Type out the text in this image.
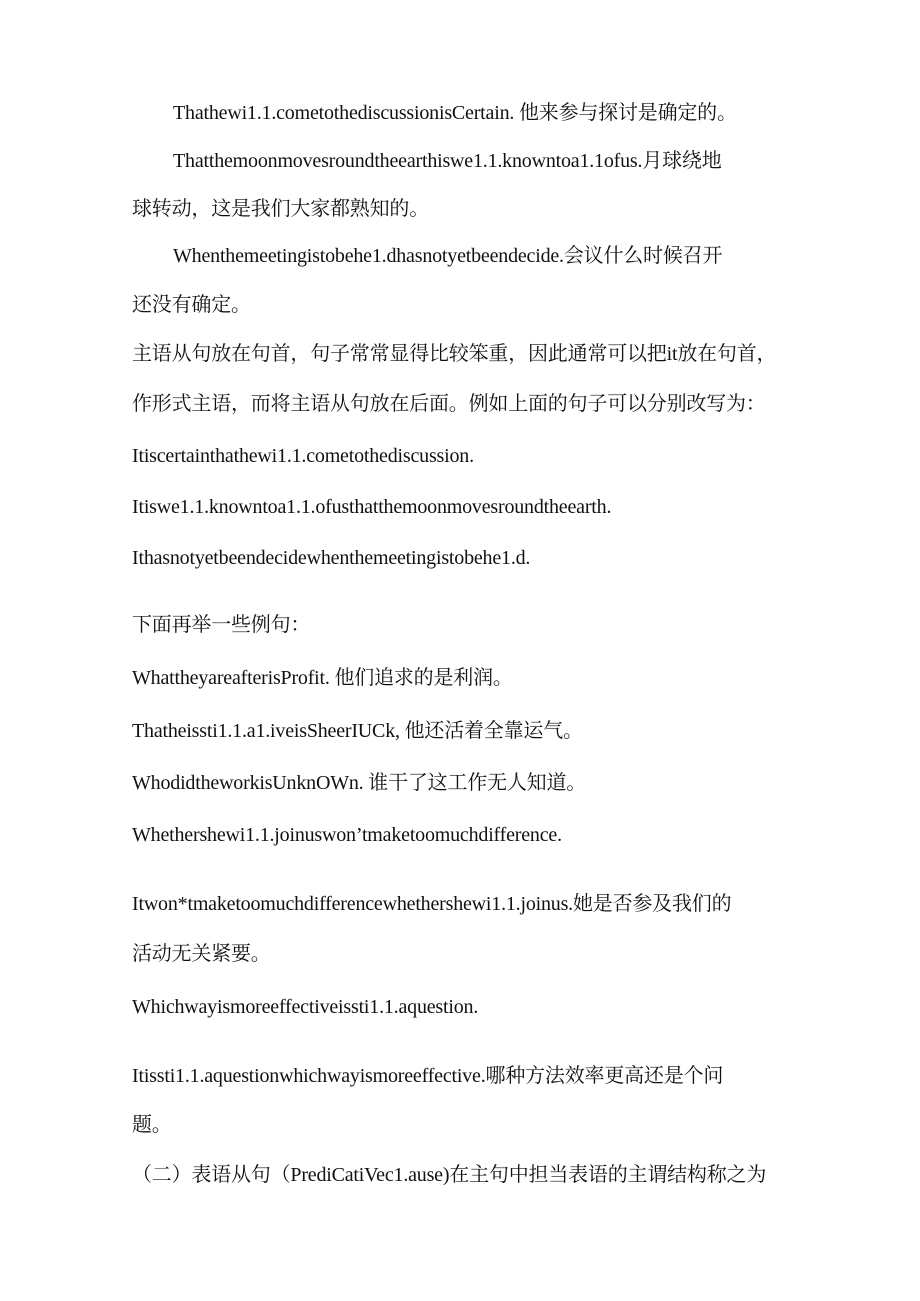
Thathewi1.1.cometothediscussionisCertain. 他来参与探讨是确定的。
Thatthemoonmovesroundtheearthiswe1.1.knowntoa1.1ofus.月球绕地
球转动，这是我们大家都熟知的。
Whenthemeetingistobehe1.dhasnotyetbeendecide.会议什么时候召开
还没有确定。
主语从句放在句首，句子常常显得比较笨重，因此通常可以把it放在句首，
作形式主语，而将主语从句放在后面。例如上面的句子可以分别改写为：
Itiscertainthathewi1.1.cometothediscussion.
Itiswe1.1.knowntoa1.1.ofusthatthemoonmovesroundtheearth.
Ithasnotyetbeendecidewhenthemeetingistobehe1.d.
下面再举一些例句：
WhattheyareafterisProfit. 他们追求的是利润。
Thatheissti1.1.a1.iveisSheerIUCk, 他还活着全靠运气。
WhodidtheworkisUnknOWn. 谁干了这工作无人知道。
Whethershewi1.1.joinuswon’tmaketoomuchdifference.
Itwon*tmaketoomuchdifferencewhethershewi1.1.joinus.她是否参及我们的
活动无关紧要。
Whichwayismoreeffectiveissti1.1.aquestion.
Itissti1.1.aquestionwhichwayismoreeffective.哪种方法效率更高还是个问
题。
（二）表语从句（PrediCatiVec1.ause)在主句中担当表语的主谓结构称之为
